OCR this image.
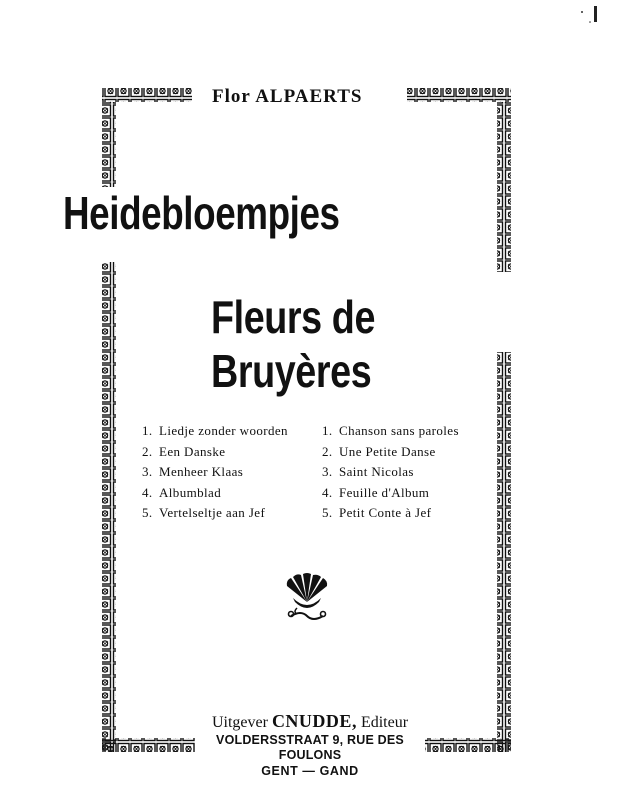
Flor ALPAERTS
Heidebloempjes
Fleurs de Bruyères
1. Liedje zonder woorden
2. Een Danske
3. Menheer Klaas
4. Albumblad
5. Vertelseltje aan Jef
1. Chanson sans paroles
2. Une Petite Danse
3. Saint Nicolas
4. Feuille d'Album
5. Petit Conte à Jef
Uitgever CNUDDE, Editeur
VOLDERSSTRAAT 9, RUE DES FOULONS
GENT — GAND
